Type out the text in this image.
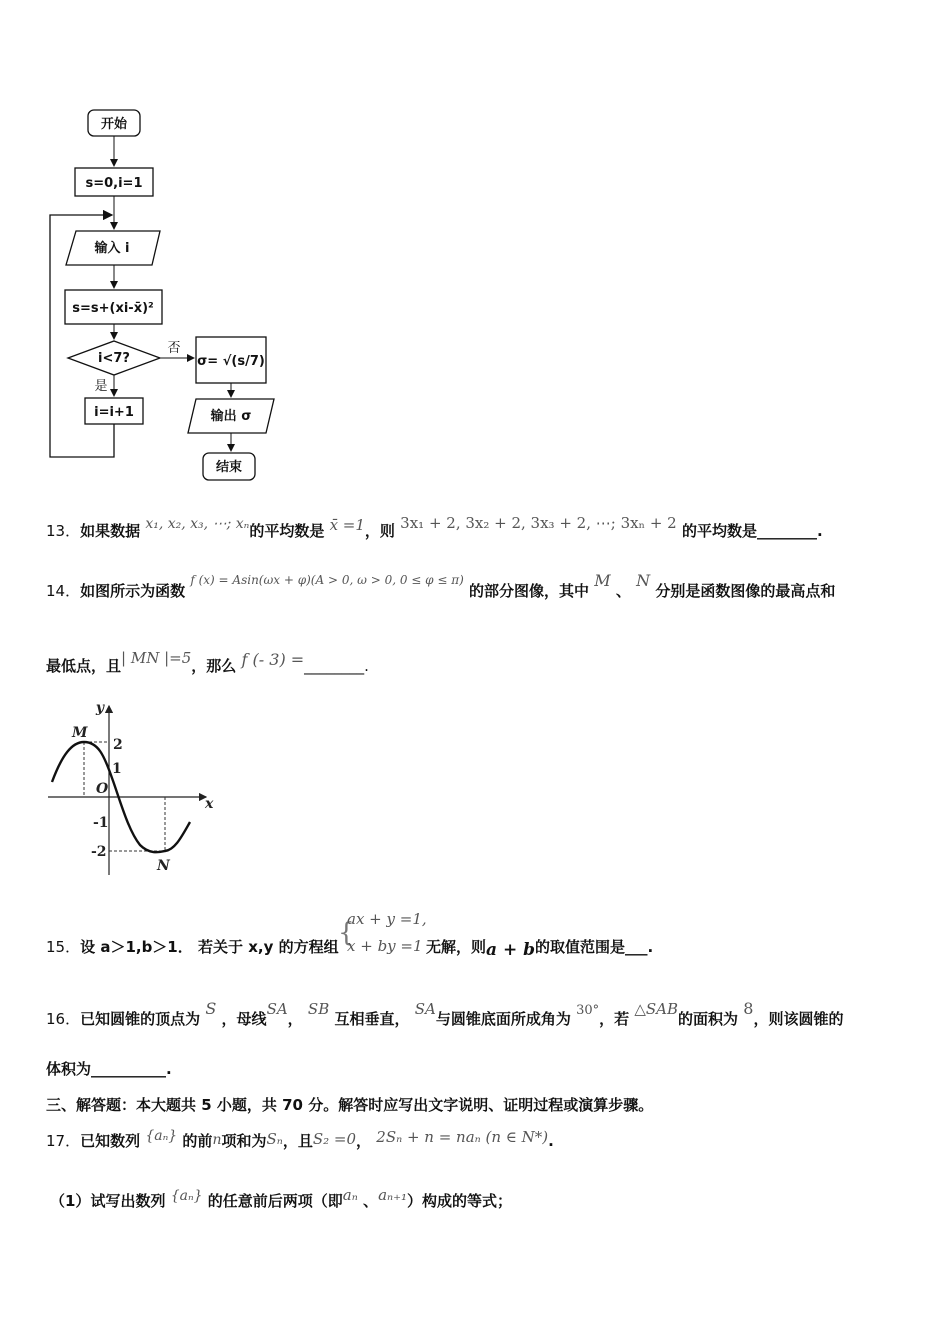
开始
s=0,i=1
输入 i
s=s+(xi-x̄)²
i<7?
否
是
i=i+1
σ= √(s/7)
输出 σ
结束
13．如果数据 x₁, x₂, x₃, ⋯; xₙ的平均数是 x̄ =1，则 3x₁ + 2, 3x₂ + 2, 3x₃ + 2, ⋯; 3xₙ + 2 的平均数是________.
14．如图所示为函数 $^{f (x) = Asin(\omega x + \varphi)(A > 0, \omega > 0, 0 \le \varphi \le \pi)}$ 的部分图像，其中 M 、 N 分别是函数图像的最高点和
最低点，且| MN |=5，那么 f (- 3) =________.
y
x
O
M
N
2
1
-1
-2
15．设 a＞1,b＞1． 若关于 x,y 的方程组 {
ax + y =1,
x + by =1 无解，则a + b的取值范围是___.
16．已知圆锥的顶点为 S ，母线SA， SB 互相垂直， SA与圆锥底面所成角为 30°，若 △SAB的面积为 8，则该圆锥的
体积为__________.
三、解答题：本大题共 5 小题，共 70 分。解答时应写出文字说明、证明过程或演算步骤。
17．已知数列 {aₙ} 的前n项和为Sₙ，且S₂ =0， 2Sₙ + n = naₙ (n ∈ N*).
（1）试写出数列 {aₙ} 的任意前后两项（即aₙ 、aₙ₊₁）构成的等式；
